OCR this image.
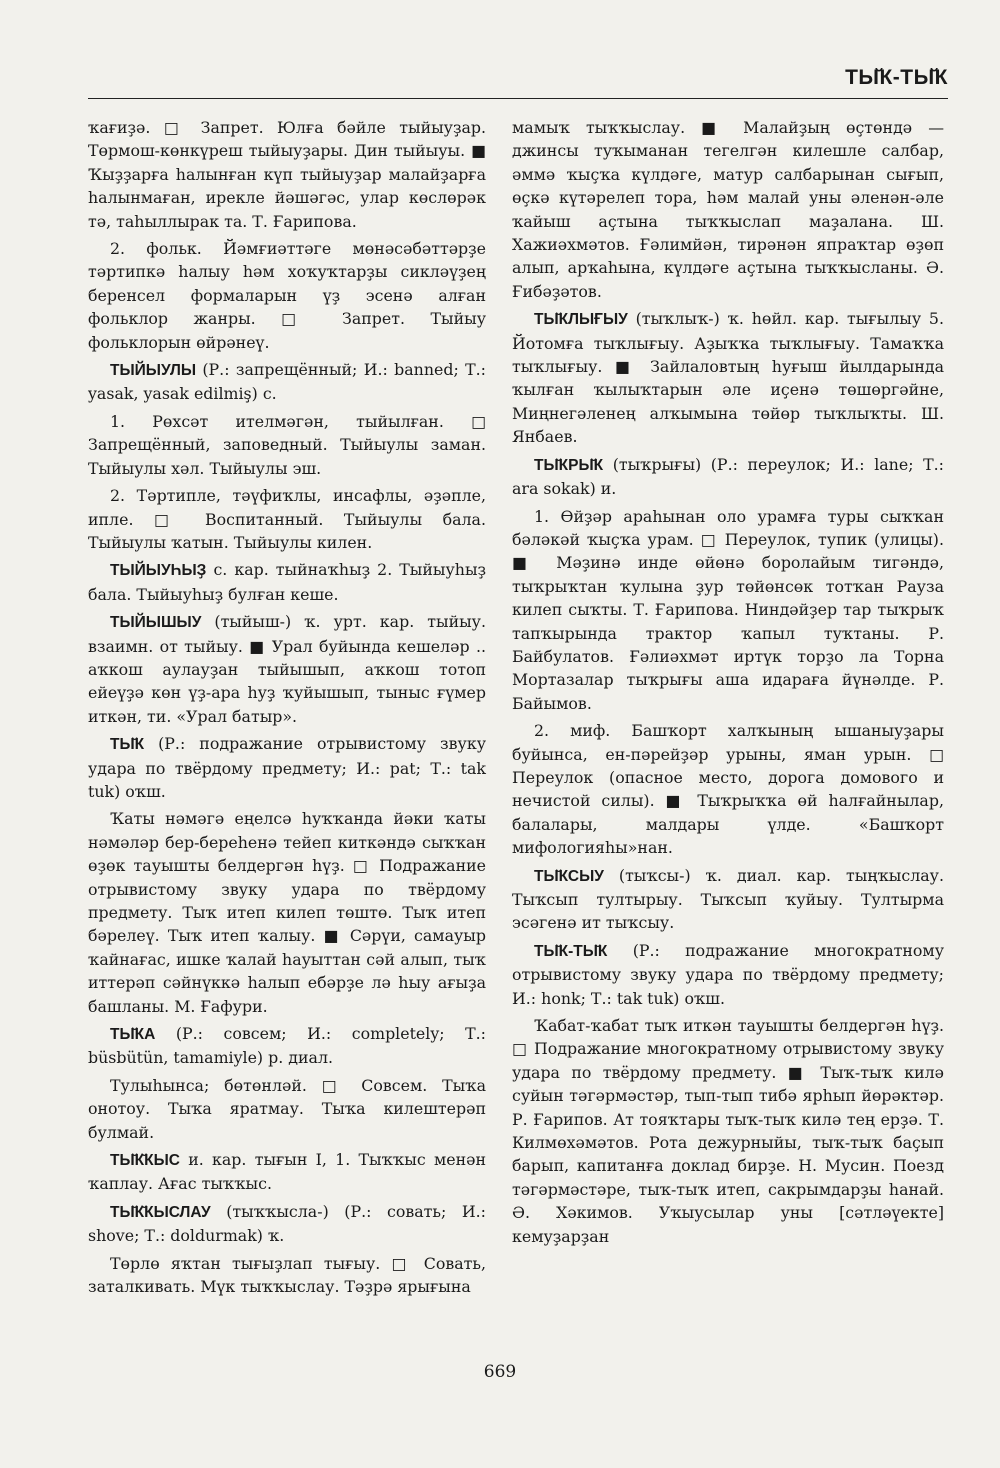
ТЫ̆К-ТЫ̆К

ҡағиҙә. □ Запрет. Юлға бәйле тыйыуҙар. Төрмош-көнкүреш тыйыуҙары. Дин тыйыуы. ■ Ҡыҙҙарға һалынған күп тыйыуҙар малайҙарға һалынмаған, ирекле йәшәгәс, улар көслөрәк тә, таһыллырак та. Т. Ғарипова.

2. фольк. Йәмғиәттәге мөнәсәбәттәрҙе тәртипкә һалыу һәм хоҡуҡтарҙы сикләүҙең беренсел формаларын үҙ эсенә алған фольклор жанры. □ Запрет. Тыйыу фольклорын өйрәнеү.

ТЫЙЫУЛЫ (Р.: запрещённый; И.: banned; Т.: yasak, yasak edilmiş) с.

1. Рөхсәт ителмәгән, тыйылған. □ Запрещённый, заповедный. Тыйыулы заман. Тыйыулы хәл. Тыйыулы эш.

2. Тәртипле, тәүфиҡлы, инсафлы, әҙәпле, ипле. □ Воспитанный. Тыйыулы бала. Тыйыулы ҡатын. Тыйыулы килен.

ТЫЙЫУҺЫҘ с. кар. тыйнаҡһыҙ 2. Тыйыуһыҙ бала. Тыйыуһыҙ булған кеше.

ТЫЙЫШЫУ (тыйыш-) ҡ. урт. кар. тыйыу. взаимн. от тыйыу. ■ Урал буйында кешеләр .. аҡкош аулауҙан тыйышып, аҡкош тотоп ейеүҙә көн үҙ-ара һуҙ ҡуйышып, тыныс ғүмер иткән, ти. «Урал батыр».

ТЫ̆К (Р.: подражание отрывистому звуку удара по твёрдому предмету; И.: pat; Т.: tak tuk) оҡш.

Ҡаты нәмәгә еңелсә һуҡҡанда йәки ҡаты нәмәләр бер-береһенә тейеп киткәндә сыҡҡан өҙөк тауышты белдергән һүҙ. □ Подражание отрывистому звуку удара по твёрдому предмету. Тыҡ итеп килеп төштө. Тыҡ итеп бәрелеү. Тыҡ итеп ҡалыу. ■ Сәрүи, самауыр ҡайнағас, ишке ҡалай һауыттан сәй алып, тыҡ иттерәп сәйнүккә һалып ебәрҙе лә һыу ағыҙа башланы. М. Ғафури.

ТЫ̆КА (Р.: совсем; И.: completely; Т.: büsbütün, tamamiyle) р. диал.

Тулыһынса; бөтөнләй. □ Совсем. Тыҡа онотоу. Тыҡа яратмау. Тыҡа килештерәп булмай.

ТЫ̆К̆КЫС и. кар. тығын I, 1. Тыҡҡыс менән ҡаплау. Ағас тыҡҡыс.

ТЫ̆К̆КЫСЛАУ (тыҡҡысла-) (Р.: совать; И.: shove; Т.: doldurmak) ҡ.

Төрлө яҡтан тығыҙлап тығыу. □ Совать, заталкивать. Мүк тыҡҡыслау. Тәҙрә ярығына

мамыҡ тыҡҡыслау. ■ Малайҙың өҫтөндә — джинсы туҡыманан тегелгән килешле салбар, әммә ҡыҫҡа күлдәге, матур салбарынан сығып, өҫкә күтәрелеп тора, һәм малай уны әленән-әле ҡайыш аҫтына тыҡҡыслап маҙалана. Ш. Хажиәхмәтов. Ғәлимйән, тирәнән япраҡтар өҙөп алып, арҡаһына, күлдәге аҫтына тыҡҡысланы. Ә. Ғибәҙәтов.

ТЫ̆КЛЫҒЫУ (тыҡлыҡ-) ҡ. һөйл. кар. тығылыу 5. Йотомға тыҡлығыу. Аҙыҡҡа тыҡлығыу. Тамаҡҡа тыҡлығыу. ■ Зайлаловтың һуғыш йылдарында ҡылған ҡылыҡтарын әле иҫенә төшөргәйне, Миңнегәленең алҡымына төйөр тыҡлыҡты. Ш. Янбаев.

ТЫ̆КРЫ̆К (тыҡрығы) (Р.: переулок; И.: lane; Т.: ara sokak) и.

1. Өйҙәр араһынан оло урамға туры сыҡҡан бәләкәй ҡыҫҡа урам. □ Переулок, тупик (улицы). ■ Мәҙинә инде өйөнә боролайым тигәндә, тыҡрыҡтан ҡулына ҙур төйөнсөк тотҡан Рауза килеп сыҡты. Т. Ғарипова. Ниндәйҙер тар тыҡрыҡ тапҡырында трактор ҡапыл туҡтаны. Р. Байбулатов. Ғәлиәхмәт иртүк торҙо ла Торна Мортазалар тыҡрығы аша идараға йүнәлде. Р. Байымов.

2. миф. Башҡорт халҡының ышаныуҙары буйынса, ен-пәрейҙәр урыны, яман урын. □ Переулок (опасное место, дорога домового и нечистой силы). ■ Тыҡрыҡҡа өй һалғайнылар, балалары, малдары үлде. «Башҡорт мифологияһы»нан.

ТЫ̆КСЫУ (тыҡсы-) ҡ. диал. кар. тыңҡыслау. Тыҡсып тултырыу. Тыҡсып ҡуйыу. Тултырма эсәгенә ит тыҡсыу.

ТЫ̆К-ТЫ̆К (Р.: подражание многократному отрывистому звуку удара по твёрдому предмету; И.: honk; Т.: tak tuk) оҡш.

Ҡабат-ҡабат тыҡ иткән тауышты белдергән һүҙ. □ Подражание многократному отрывистому звуку удара по твёрдому предмету. ■ Тыҡ-тыҡ килә суйын тәгәрмәстәр, тып-тып тибә ярһып йөрәктәр. Р. Ғарипов. Ат тояҡтары тыҡ-тыҡ килә тең ерҙә. Т. Килмөхәмәтов. Рота дежурныйы, тыҡ-тыҡ баҫып барып, капитанға доклад бирҙе. Н. Мусин. Поезд тәгәрмәстәре, тыҡ-тыҡ итеп, сакрымдарҙы һанай. Ә. Хәкимов. Уҡыусылар уны [сәтләүекте] кемуҙарҙан

669
